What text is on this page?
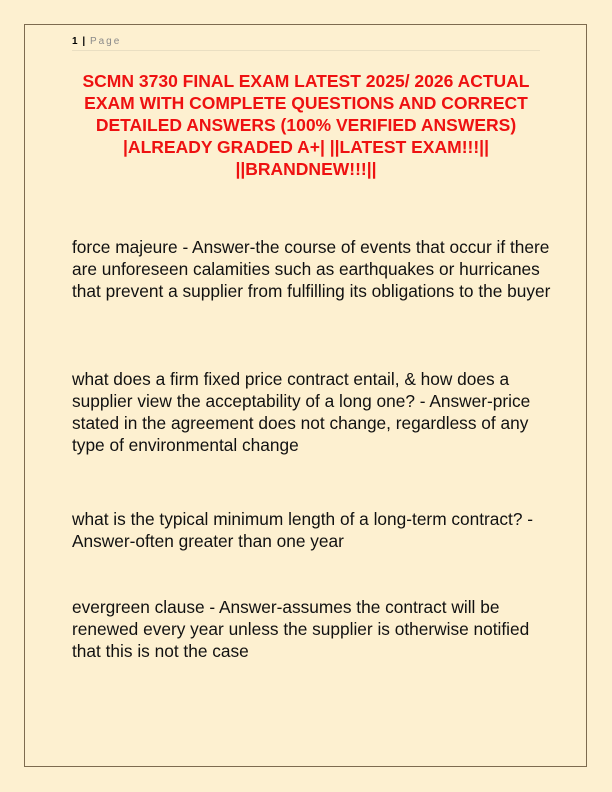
1 | Page
SCMN 3730 FINAL EXAM LATEST 2025/ 2026 ACTUAL EXAM WITH COMPLETE QUESTIONS AND CORRECT DETAILED ANSWERS (100% VERIFIED ANSWERS) |ALREADY GRADED A+| ||LATEST EXAM!!!|| ||BRANDNEW!!!||
force majeure - Answer-the course of events that occur if there are unforeseen calamities such as earthquakes or hurricanes that prevent a supplier from fulfilling its obligations to the buyer
what does a firm fixed price contract entail, & how does a supplier view the acceptability of a long one? - Answer-price stated in the agreement does not change, regardless of any type of environmental change
what is the typical minimum length of a long-term contract? - Answer-often greater than one year
evergreen clause - Answer-assumes the contract will be renewed every year unless the supplier is otherwise notified that this is not the case
